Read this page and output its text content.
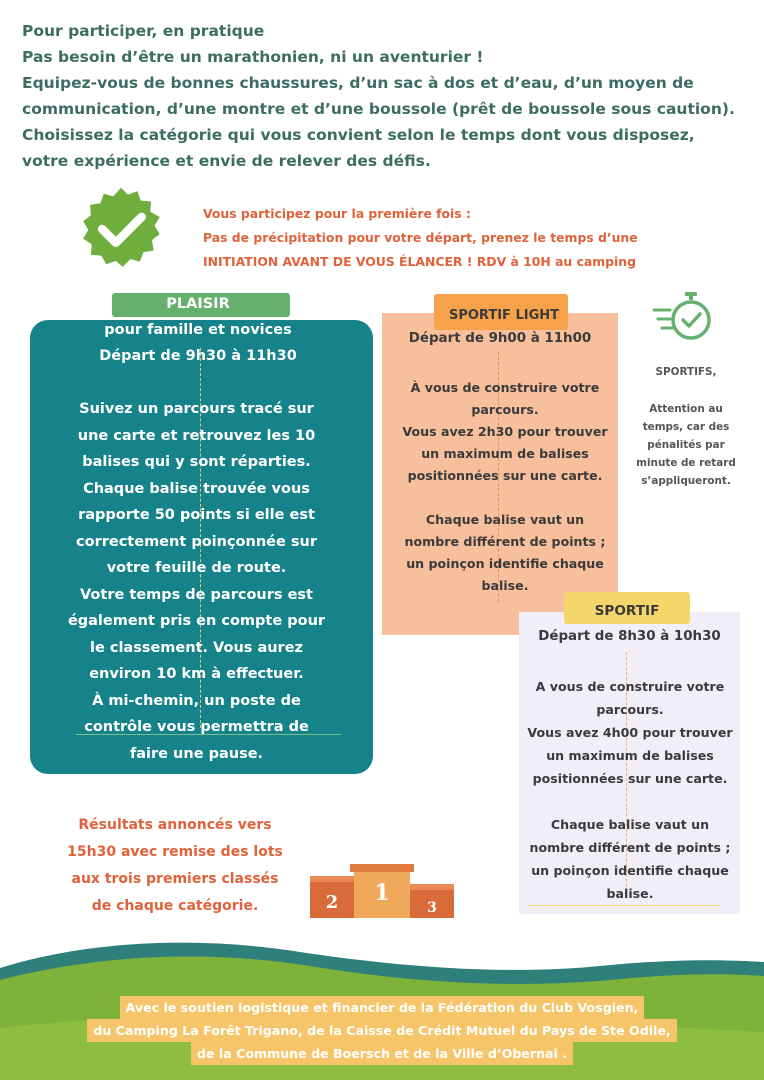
Pour participer, en pratique
Pas besoin d’être un marathonien, ni un aventurier !
Equipez-vous de bonnes chaussures, d’un sac à dos et d’eau, d’un moyen de
communication, d’une montre et d’une boussole (prêt de boussole sous caution).
Choisissez la catégorie qui vous convient selon le temps dont vous disposez,
votre expérience et envie de relever des défis.
Vous participez pour la première fois :
Pas de précipitation pour votre départ, prenez le temps d’une
INITIATION AVANT DE VOUS ÉLANCER ! RDV à 10H au camping
PLAISIR
pour famille et novices
Départ de 9h30 à 11h30
Suivez un parcours tracé sur
une carte et retrouvez les 10
balises qui y sont réparties.
Chaque balise trouvée vous
rapporte 50 points si elle est
correctement poinçonnée sur
votre feuille de route.
Votre temps de parcours est
également pris en compte pour
le classement. Vous aurez
environ 10 km à effectuer.
À mi-chemin, un poste de
contrôle vous permettra de
faire une pause.
SPORTIF LIGHT
Départ de 9h00 à 11h00
À vous de construire votre
parcours.
Vous avez 2h30 pour trouver
un maximum de balises
positionnées sur une carte.

Chaque balise vaut un
nombre différent de points ;
un poinçon identifie chaque
balise.
SPORTIFS,
Attention au
temps, car des
pénalités par
minute de retard
s’appliqueront.
SPORTIF
Départ de 8h30 à 10h30
A vous de construire votre
parcours.
Vous avez 4h00 pour trouver
un maximum de balises
positionnées sur une carte.

Chaque balise vaut un
nombre différent de points ;
un poinçon identifie chaque
balise.
Résultats annoncés vers
15h30 avec remise des lots
aux trois premiers classés
de chaque catégorie.	2 1
3
Avec le soutien logistique et financier de la Fédération du Club Vosgien,
du Camping La Forêt Trigano, de la Caisse de Crédit Mutuel du Pays de Ste Odile,
de la Commune de Boersch et de la Ville d’Obernai .
